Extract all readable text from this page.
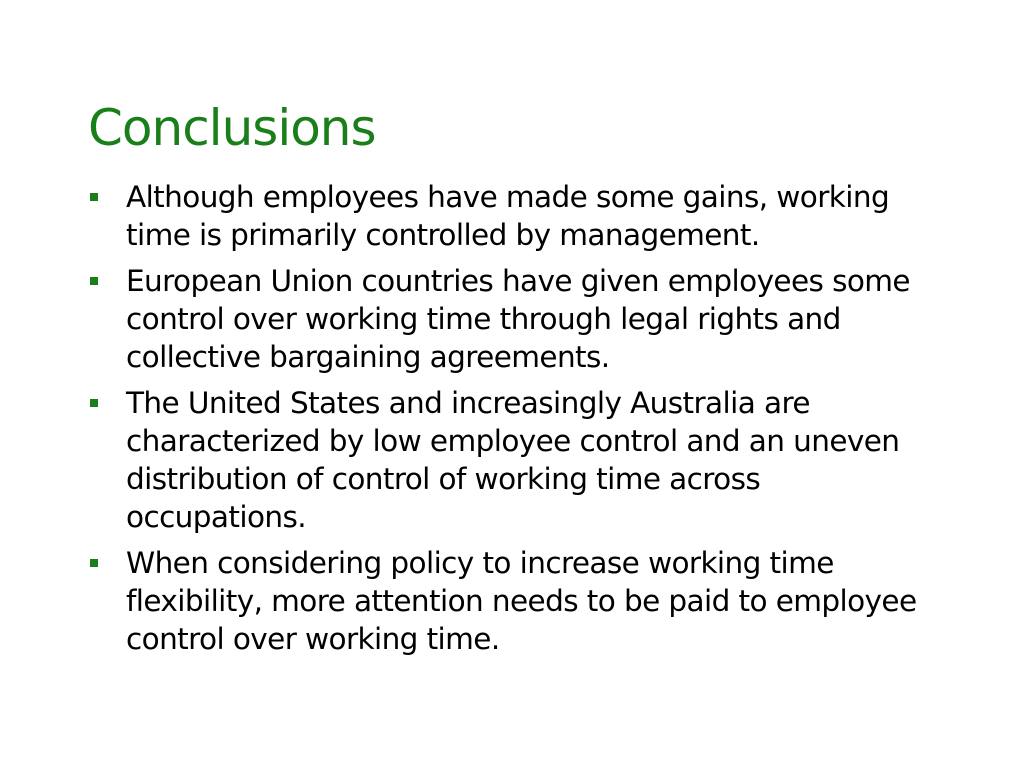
Conclusions
Although employees have made some gains, working time is primarily controlled by management.
European Union countries have given employees some control over working time through legal rights and collective bargaining agreements.
The United States and increasingly Australia are characterized by low employee control and an uneven distribution of control of working time across occupations.
When considering policy to increase working time flexibility, more attention needs to be paid to employee control over working time.
